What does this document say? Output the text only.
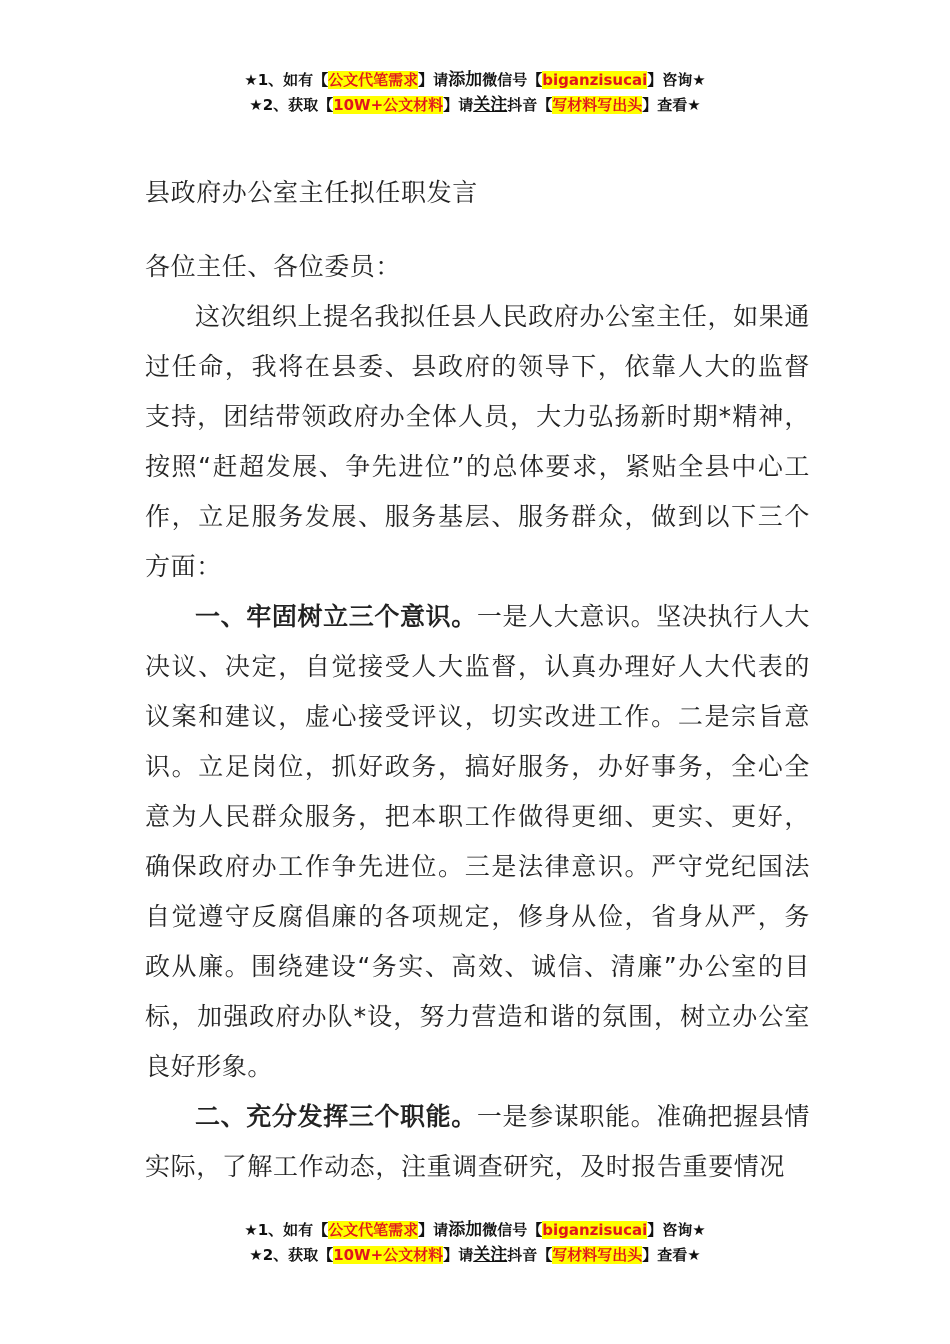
★1、如有【公文代笔需求】请添加微信号【biganzisucai】咨询★
★2、获取【10W+公文材料】请关注抖音【写材料写出头】查看★
县政府办公室主任拟任职发言

各位主任、各位委员：

这次组织上提名我拟任县人民政府办公室主任，如果通过任命，我将在县委、县政府的领导下，依靠人大的监督支持，团结带领政府办全体人员，大力弘扬新时期*精神，按照“赶超发展、争先进位”的总体要求，紧贴全县中心工作，立足服务发展、服务基层、服务群众，做到以下三个方面：

一、牢固树立三个意识。一是人大意识。坚决执行人大决议、决定，自觉接受人大监督，认真办理好人大代表的议案和建议，虚心接受评议，切实改进工作。二是宗旨意识。立足岗位，抓好政务，搞好服务，办好事务，全心全意为人民群众服务，把本职工作做得更细、更实、更好，确保政府办工作争先进位。三是法律意识。严守党纪国法自觉遵守反腐倡廉的各项规定，修身从俭，省身从严，务政从廉。围绕建设“务实、高效、诚信、清廉”办公室的目标，加强政府办队*设，努力营造和谐的氛围，树立办公室良好形象。

二、充分发挥三个职能。一是参谋职能。准确把握县情实际，了解工作动态，注重调查研究，及时报告重要情况

★1、如有【公文代笔需求】请添加微信号【biganzisucai】咨询★
★2、获取【10W+公文材料】请关注抖音【写材料写出头】查看★
